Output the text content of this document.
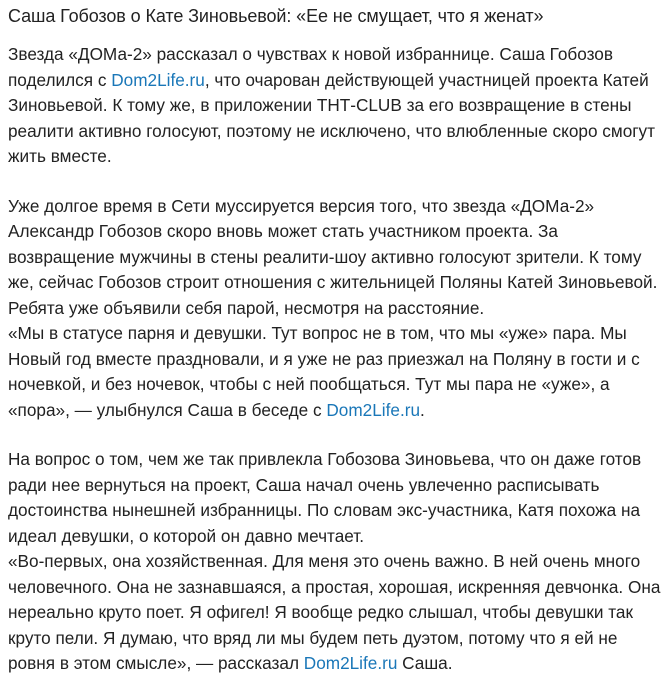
Саша Гобозов о Кате Зиновьевой: «Ее не смущает, что я женат»

Звезда «ДОМа-2» рассказал о чувствах к новой избраннице. Саша Гобозов поделился с Dom2Life.ru, что очарован действующей участницей проекта Катей Зиновьевой. К тому же, в приложении ТНТ-CLUB за его возвращение в стены реалити активно голосуют, поэтому не исключено, что влюбленные скоро смогут жить вместе.

Уже долгое время в Сети муссируется версия того, что звезда «ДОМа-2» Александр Гобозов скоро вновь может стать участником проекта. За возвращение мужчины в стены реалити-шоу активно голосуют зрители. К тому же, сейчас Гобозов строит отношения с жительницей Поляны Катей Зиновьевой. Ребята уже объявили себя парой, несмотря на расстояние.

«Мы в статусе парня и девушки. Тут вопрос не в том, что мы «уже» пара. Мы Новый год вместе праздновали, и я уже не раз приезжал на Поляну в гости и с ночевкой, и без ночевок, чтобы с ней пообщаться. Тут мы пара не «уже», а «пора», — улыбнулся Саша в беседе с Dom2Life.ru.

На вопрос о том, чем же так привлекла Гобозова Зиновьева, что он даже готов ради нее вернуться на проект, Саша начал очень увлеченно расписывать достоинства нынешней избранницы. По словам экс-участника, Катя похожа на идеал девушки, о которой он давно мечтает.

«Во-первых, она хозяйственная. Для меня это очень важно. В ней очень много человечного. Она не зазнавшаяся, а простая, хорошая, искренняя девчонка. Она нереально круто поет. Я офигел! Я вообще редко слышал, чтобы девушки так круто пели. Я думаю, что вряд ли мы будем петь дуэтом, потому что я ей не ровня в этом смысле», — рассказал Dom2Life.ru Саша.
